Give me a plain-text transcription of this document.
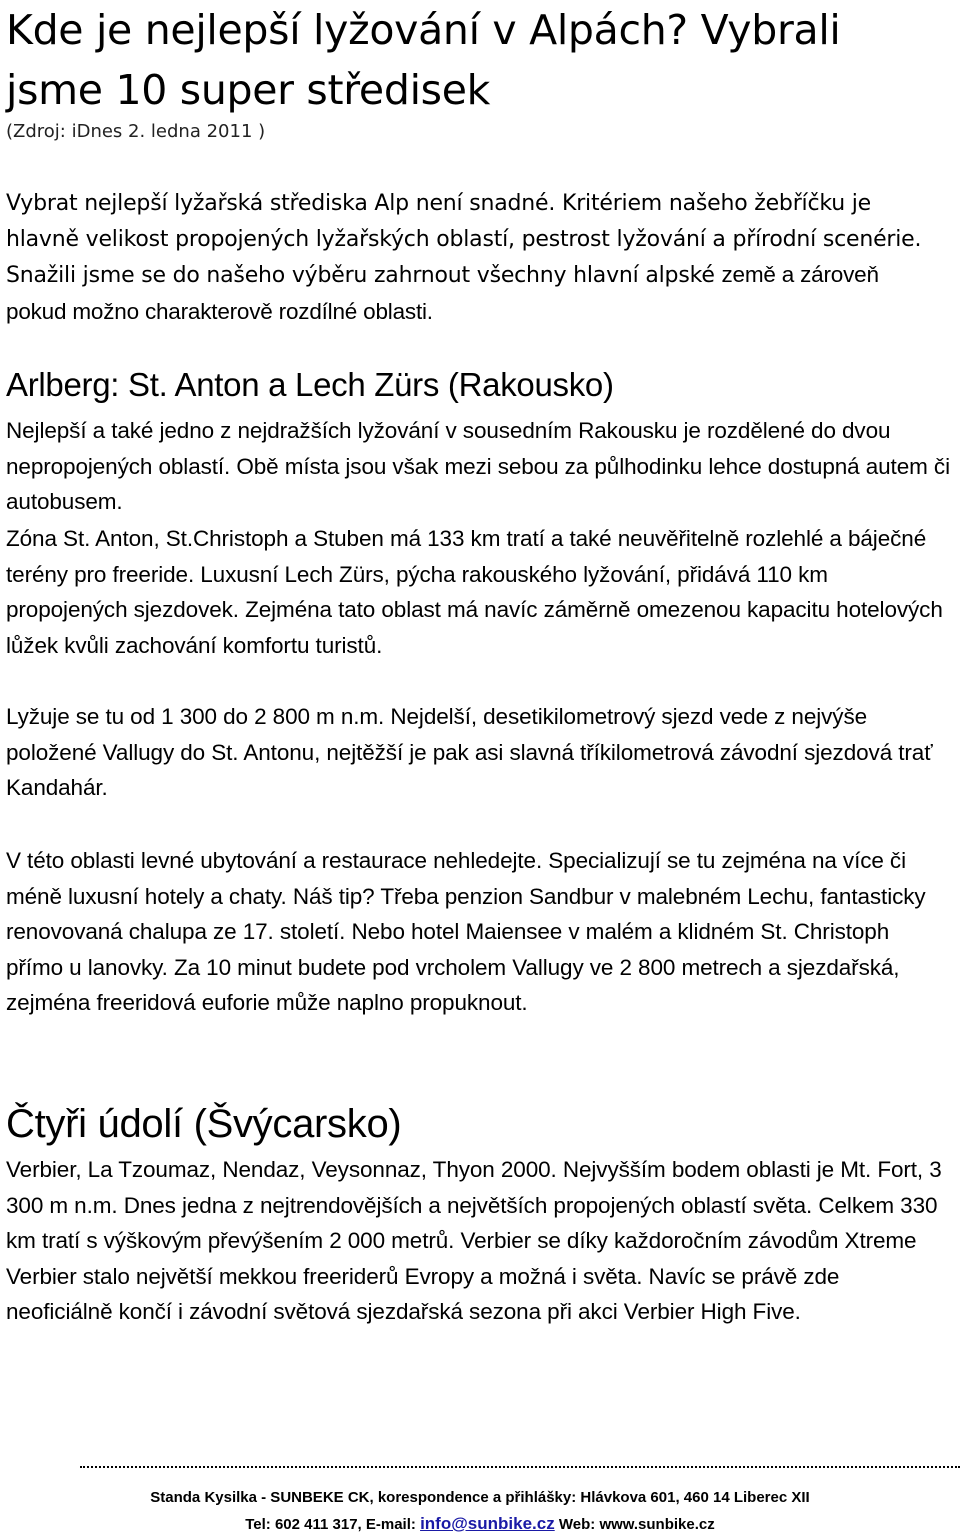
Kde je nejlepší lyžování v Alpách? Vybrali jsme 10 super středisek
(Zdroj: iDnes 2. ledna 2011 )

Vybrat nejlepší lyžařská střediska Alp není snadné. Kritériem našeho žebříčku je hlavně velikost propojených lyžařských oblastí, pestrost lyžování a přírodní scenérie. Snažili jsme se do našeho výběru zahrnout všechny hlavní alpské země a zároveň pokud možno charakterově rozdílné oblasti.

Arlberg: St. Anton a Lech Zürs (Rakousko)

Nejlepší a také jedno z nejdražších lyžování v sousedním Rakousku je rozdělené do dvou nepropojených oblastí. Obě místa jsou však mezi sebou za půlhodinku lehce dostupná autem či autobusem.

Zóna St. Anton, St.Christoph a Stuben má 133 km tratí a také neuvěřitelně rozlehlé a báječné terény pro freeride. Luxusní Lech Zürs, pýcha rakouského lyžování, přidává 110 km propojených sjezdovek. Zejména tato oblast má navíc záměrně omezenou kapacitu hotelových lůžek kvůli zachování komfortu turistů.

Lyžuje se tu od 1 300 do 2 800 m n.m. Nejdelší, desetikilometrový sjezd vede z nejvýše položené Vallugy do St. Antonu, nejtěžší je pak asi slavná tříkilometrová závodní sjezdová trať Kandahár.

V této oblasti levné ubytování a restaurace nehledejte. Specializují se tu zejména na více či méně luxusní hotely a chaty. Náš tip? Třeba penzion Sandbur v malebném Lechu, fantasticky renovovaná chalupa ze 17. století. Nebo hotel Maiensee v malém a klidném St. Christoph přímo u lanovky. Za 10 minut budete pod vrcholem Vallugy ve 2 800 metrech a sjezdařská, zejména freeridová euforie může naplno propuknout.

Čtyři údolí (Švýcarsko)

Verbier, La Tzoumaz, Nendaz, Veysonnaz, Thyon 2000. Nejvyšším bodem oblasti je Mt. Fort, 3 300 m n.m. Dnes jedna z nejtrendovějších a největších propojených oblastí světa. Celkem 330 km tratí s výškovým převýšením 2 000 metrů. Verbier se díky každoročním závodům Xtreme Verbier stalo největší mekkou freeriderů Evropy a možná i světa. Navíc se právě zde neoficiálně končí i závodní světová sjezdařská sezona při akci Verbier High Five.

Standa Kysilka - SUNBEKE CK, korespondence a přihlášky: Hlávkova 601, 460 14 Liberec XII
Tel: 602 411 317, E-mail: info@sunbike.cz Web: www.sunbike.cz
